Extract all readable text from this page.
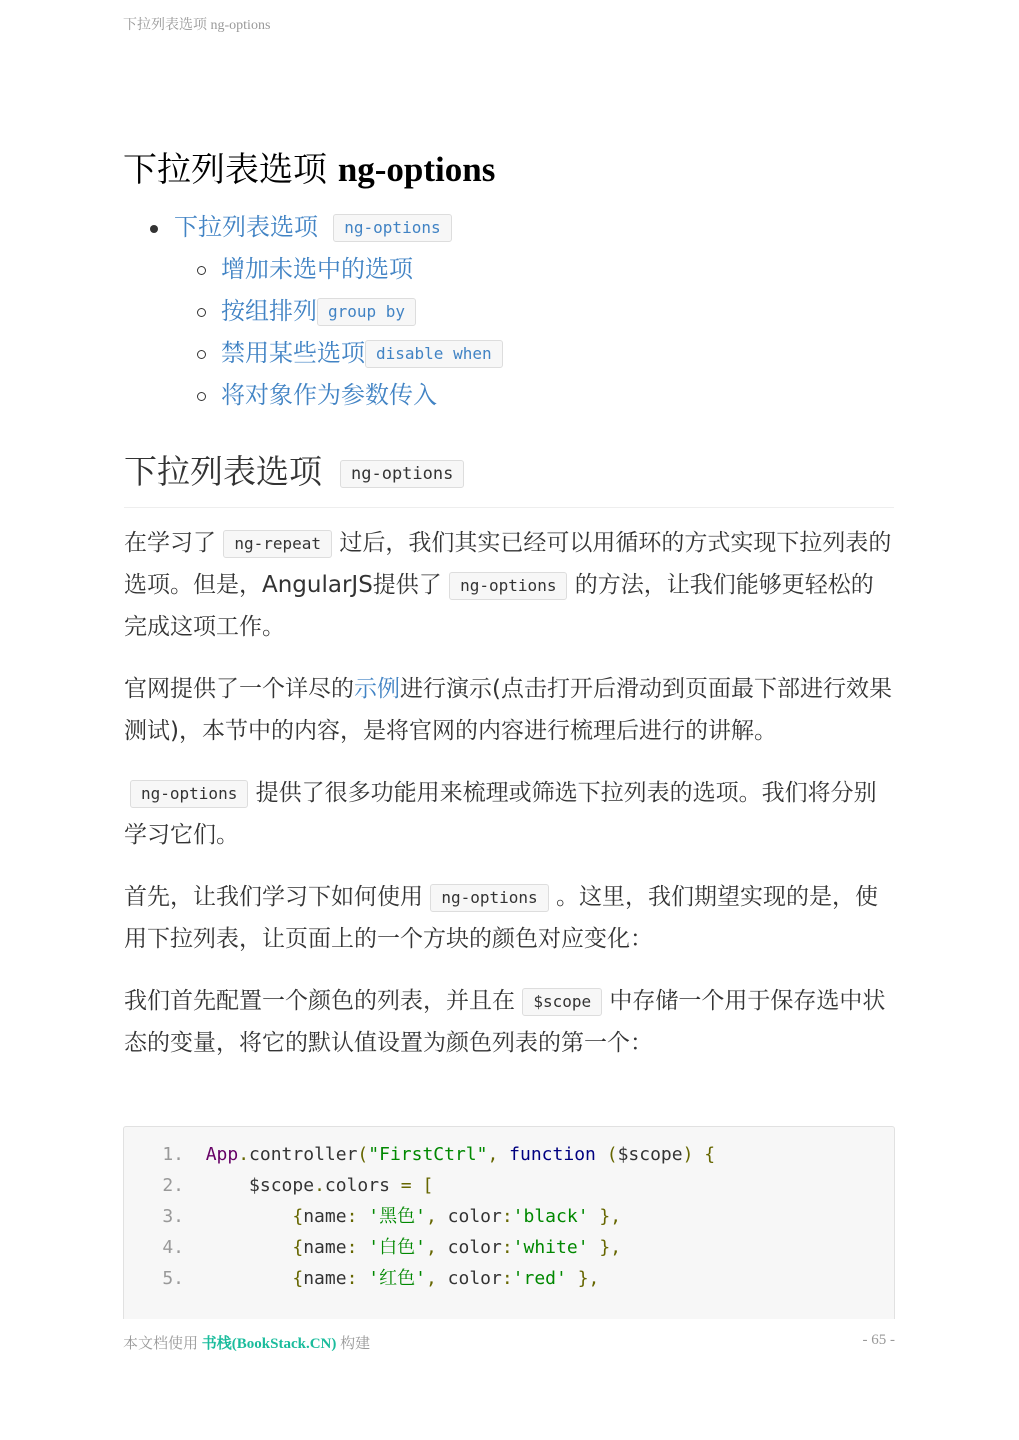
下拉列表选项 ng-options
下拉列表选项 ng-options
下拉列表选项 ng-options
增加未选中的选项
按组排列 group by
禁用某些选项 disable when
将对象作为参数传入
下拉列表选项 ng-options

在学习了 ng-repeat 过后，我们其实已经可以用循环的方式实现下拉列表的选项。但是，AngularJS提供了 ng-options 的方法，让我们能够更轻松的完成这项工作。

官网提供了一个详尽的示例进行演示(点击打开后滑动到页面最下部进行效果测试)，本节中的内容，是将官网的内容进行梳理后进行的讲解。

ng-options 提供了很多功能用来梳理或筛选下拉列表的选项。我们将分别学习它们。

首先，让我们学习下如何使用 ng-options 。这里，我们期望实现的是，使用下拉列表，让页面上的一个方块的颜色对应变化：

我们首先配置一个颜色的列表，并且在 $scope 中存储一个用于保存选中状态的变量，将它的默认值设置为颜色列表的第一个：

1. App.controller("FirstCtrl", function ($scope) {
2.	$scope.colors = [
3.	{name: '黑色', color:'black' },
4.	{name: '白色', color:'white' },
5.	{name: '红色', color:'red' },
本文档使用 书栈(BookStack.CN) 构建	- 65 -
